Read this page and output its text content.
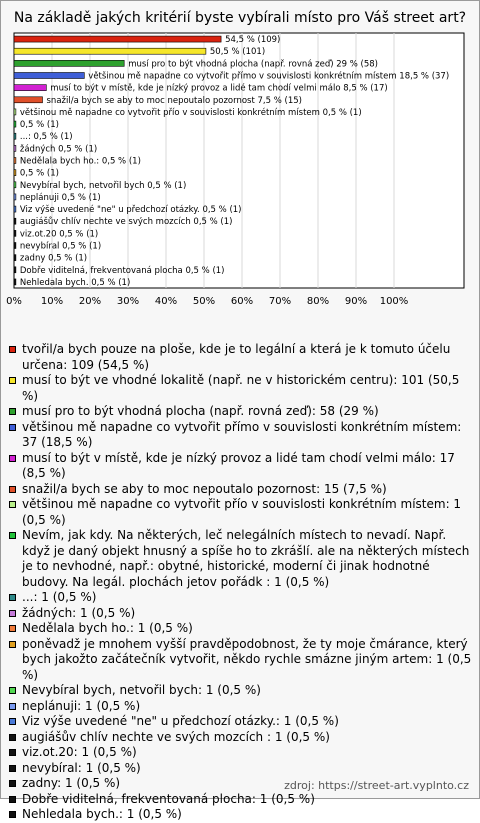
Na základě jakých kritérií byste vybírali místo pro Váš street art?
0% 10% 20% 30% 40% 50% 60% 70% 80% 90% 100%
54,5 % (109)
50,5 % (101)
musí pro to být vhodná plocha (např. rovná zeď) 29 % (58)
většinou mě napadne co vytvořit přímo v souvislosti konkrétním místem 18,5 % (37)
musí to být v místě, kde je nízký provoz a lidé tam chodí velmi málo 8,5 % (17)
snažil/a bych se aby to moc nepoutalo pozornost 7,5 % (15)
většinou mě napadne co vytvořit přío v souvislosti konkrétním místem 0,5 % (1)
0,5 % (1)
...: 0,5 % (1)
žádných 0,5 % (1)
Nedělala bych ho.: 0,5 % (1)
0,5 % (1)
Nevybíral bych, netvořil bych 0,5 % (1)
neplánuji 0,5 % (1)
Viz výše uvedené "ne" u předchozí otázky. 0,5 % (1)
augiášův chlív nechte ve svých mozcích 0,5 % (1)
viz.ot.20 0,5 % (1)
nevybíral 0,5 % (1)
zadny 0,5 % (1)
Dobře viditelná, frekventovaná plocha 0,5 % (1)
Nehledala bych. 0,5 % (1)
tvořil/a bych pouze na ploše, kde je to legální a která je k tomuto účelu určena: 109 (54,5 %)
musí to být ve vhodné lokalitě (např. ne v historickém centru): 101 (50,5 %)
musí pro to být vhodná plocha (např. rovná zeď): 58 (29 %)
většinou mě napadne co vytvořit přímo v souvislosti konkrétním místem: 37 (18,5 %)
musí to být v místě, kde je nízký provoz a lidé tam chodí velmi málo: 17 (8,5 %)
snažil/a bych se aby to moc nepoutalo pozornost: 15 (7,5 %)
většinou mě napadne co vytvořit přío v souvislosti konkrétním místem: 1 (0,5 %)
Nevím, jak kdy. Na některých, leč nelegálních místech to nevadí. Např. když je daný objekt hnusný a spíše ho to zkrášlí. ale na některých místech je to nevhodné, např.: obytné, historické, moderní či jinak hodnotné budovy. Na legál. plochách jetov pořádk : 1 (0,5 %)
...: 1 (0,5 %)
žádných: 1 (0,5 %)
Nedělala bych ho.: 1 (0,5 %)
poněvadž je mnohem vyšší pravděpodobnost, že ty moje čmárance, který bych jakožto začátečník vytvořit, někdo rychle smázne jiným artem: 1 (0,5 %)
Nevybíral bych, netvořil bych: 1 (0,5 %)
neplánuji: 1 (0,5 %)
Viz výše uvedené "ne" u předchozí otázky.: 1 (0,5 %)
augiášův chlív nechte ve svých mozcích : 1 (0,5 %)
viz.ot.20: 1 (0,5 %)
nevybíral: 1 (0,5 %)
zadny: 1 (0,5 %)
Dobře viditelná, frekventovaná plocha: 1 (0,5 %)
Nehledala bych.: 1 (0,5 %)
zdroj: https://street-art.vyplnto.cz
